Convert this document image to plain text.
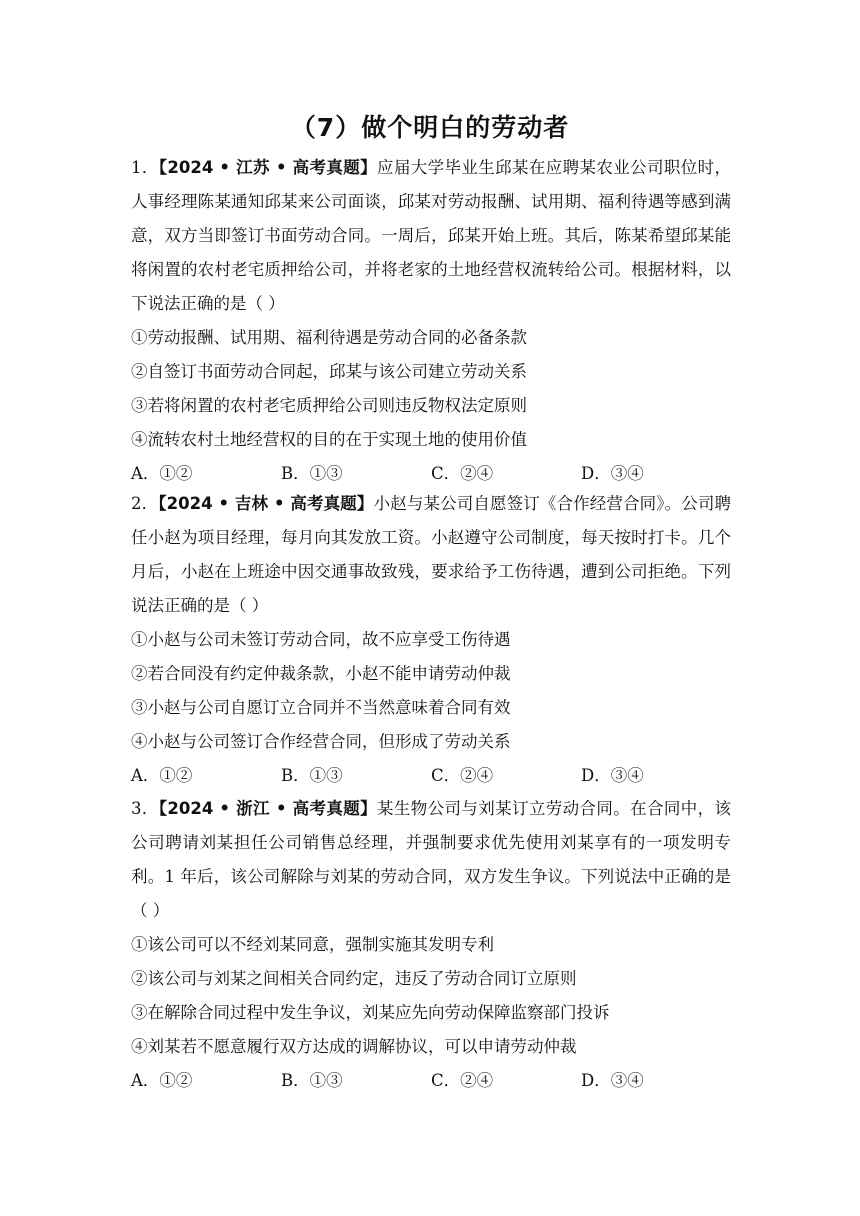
（7）做个明白的劳动者
1．【2024 • 江苏 • 高考真题】应届大学毕业生邱某在应聘某农业公司职位时，人事经理陈某通知邱某来公司面谈，邱某对劳动报酬、试用期、福利待遇等感到满意，双方当即签订书面劳动合同。一周后，邱某开始上班。其后，陈某希望邱某能将闲置的农村老宅质押给公司，并将老家的土地经营权流转给公司。根据材料，以下说法正确的是（ ）
①劳动报酬、试用期、福利待遇是劳动合同的必备条款
②自签订书面劳动合同起，邱某与该公司建立劳动关系
③若将闲置的农村老宅质押给公司则违反物权法定原则
④流转农村土地经营权的目的在于实现土地的使用价值
A．①②	B．①③	C．②④	D．③④
2．【2024 • 吉林 • 高考真题】小赵与某公司自愿签订《合作经营合同》。公司聘任小赵为项目经理，每月向其发放工资。小赵遵守公司制度，每天按时打卡。几个月后，小赵在上班途中因交通事故致残，要求给予工伤待遇，遭到公司拒绝。下列说法正确的是（ ）
①小赵与公司未签订劳动合同，故不应享受工伤待遇
②若合同没有约定仲裁条款，小赵不能申请劳动仲裁
③小赵与公司自愿订立合同并不当然意味着合同有效
④小赵与公司签订合作经营合同，但形成了劳动关系
A．①②	B．①③	C．②④	D．③④
3．【2024 • 浙江 • 高考真题】某生物公司与刘某订立劳动合同。在合同中，该公司聘请刘某担任公司销售总经理，并强制要求优先使用刘某享有的一项发明专利。1 年后，该公司解除与刘某的劳动合同，双方发生争议。下列说法中正确的是（ ）
①该公司可以不经刘某同意，强制实施其发明专利
②该公司与刘某之间相关合同约定，违反了劳动合同订立原则
③在解除合同过程中发生争议，刘某应先向劳动保障监察部门投诉
④刘某若不愿意履行双方达成的调解协议，可以申请劳动仲裁
A．①②	B．①③	C．②④	D．③④
